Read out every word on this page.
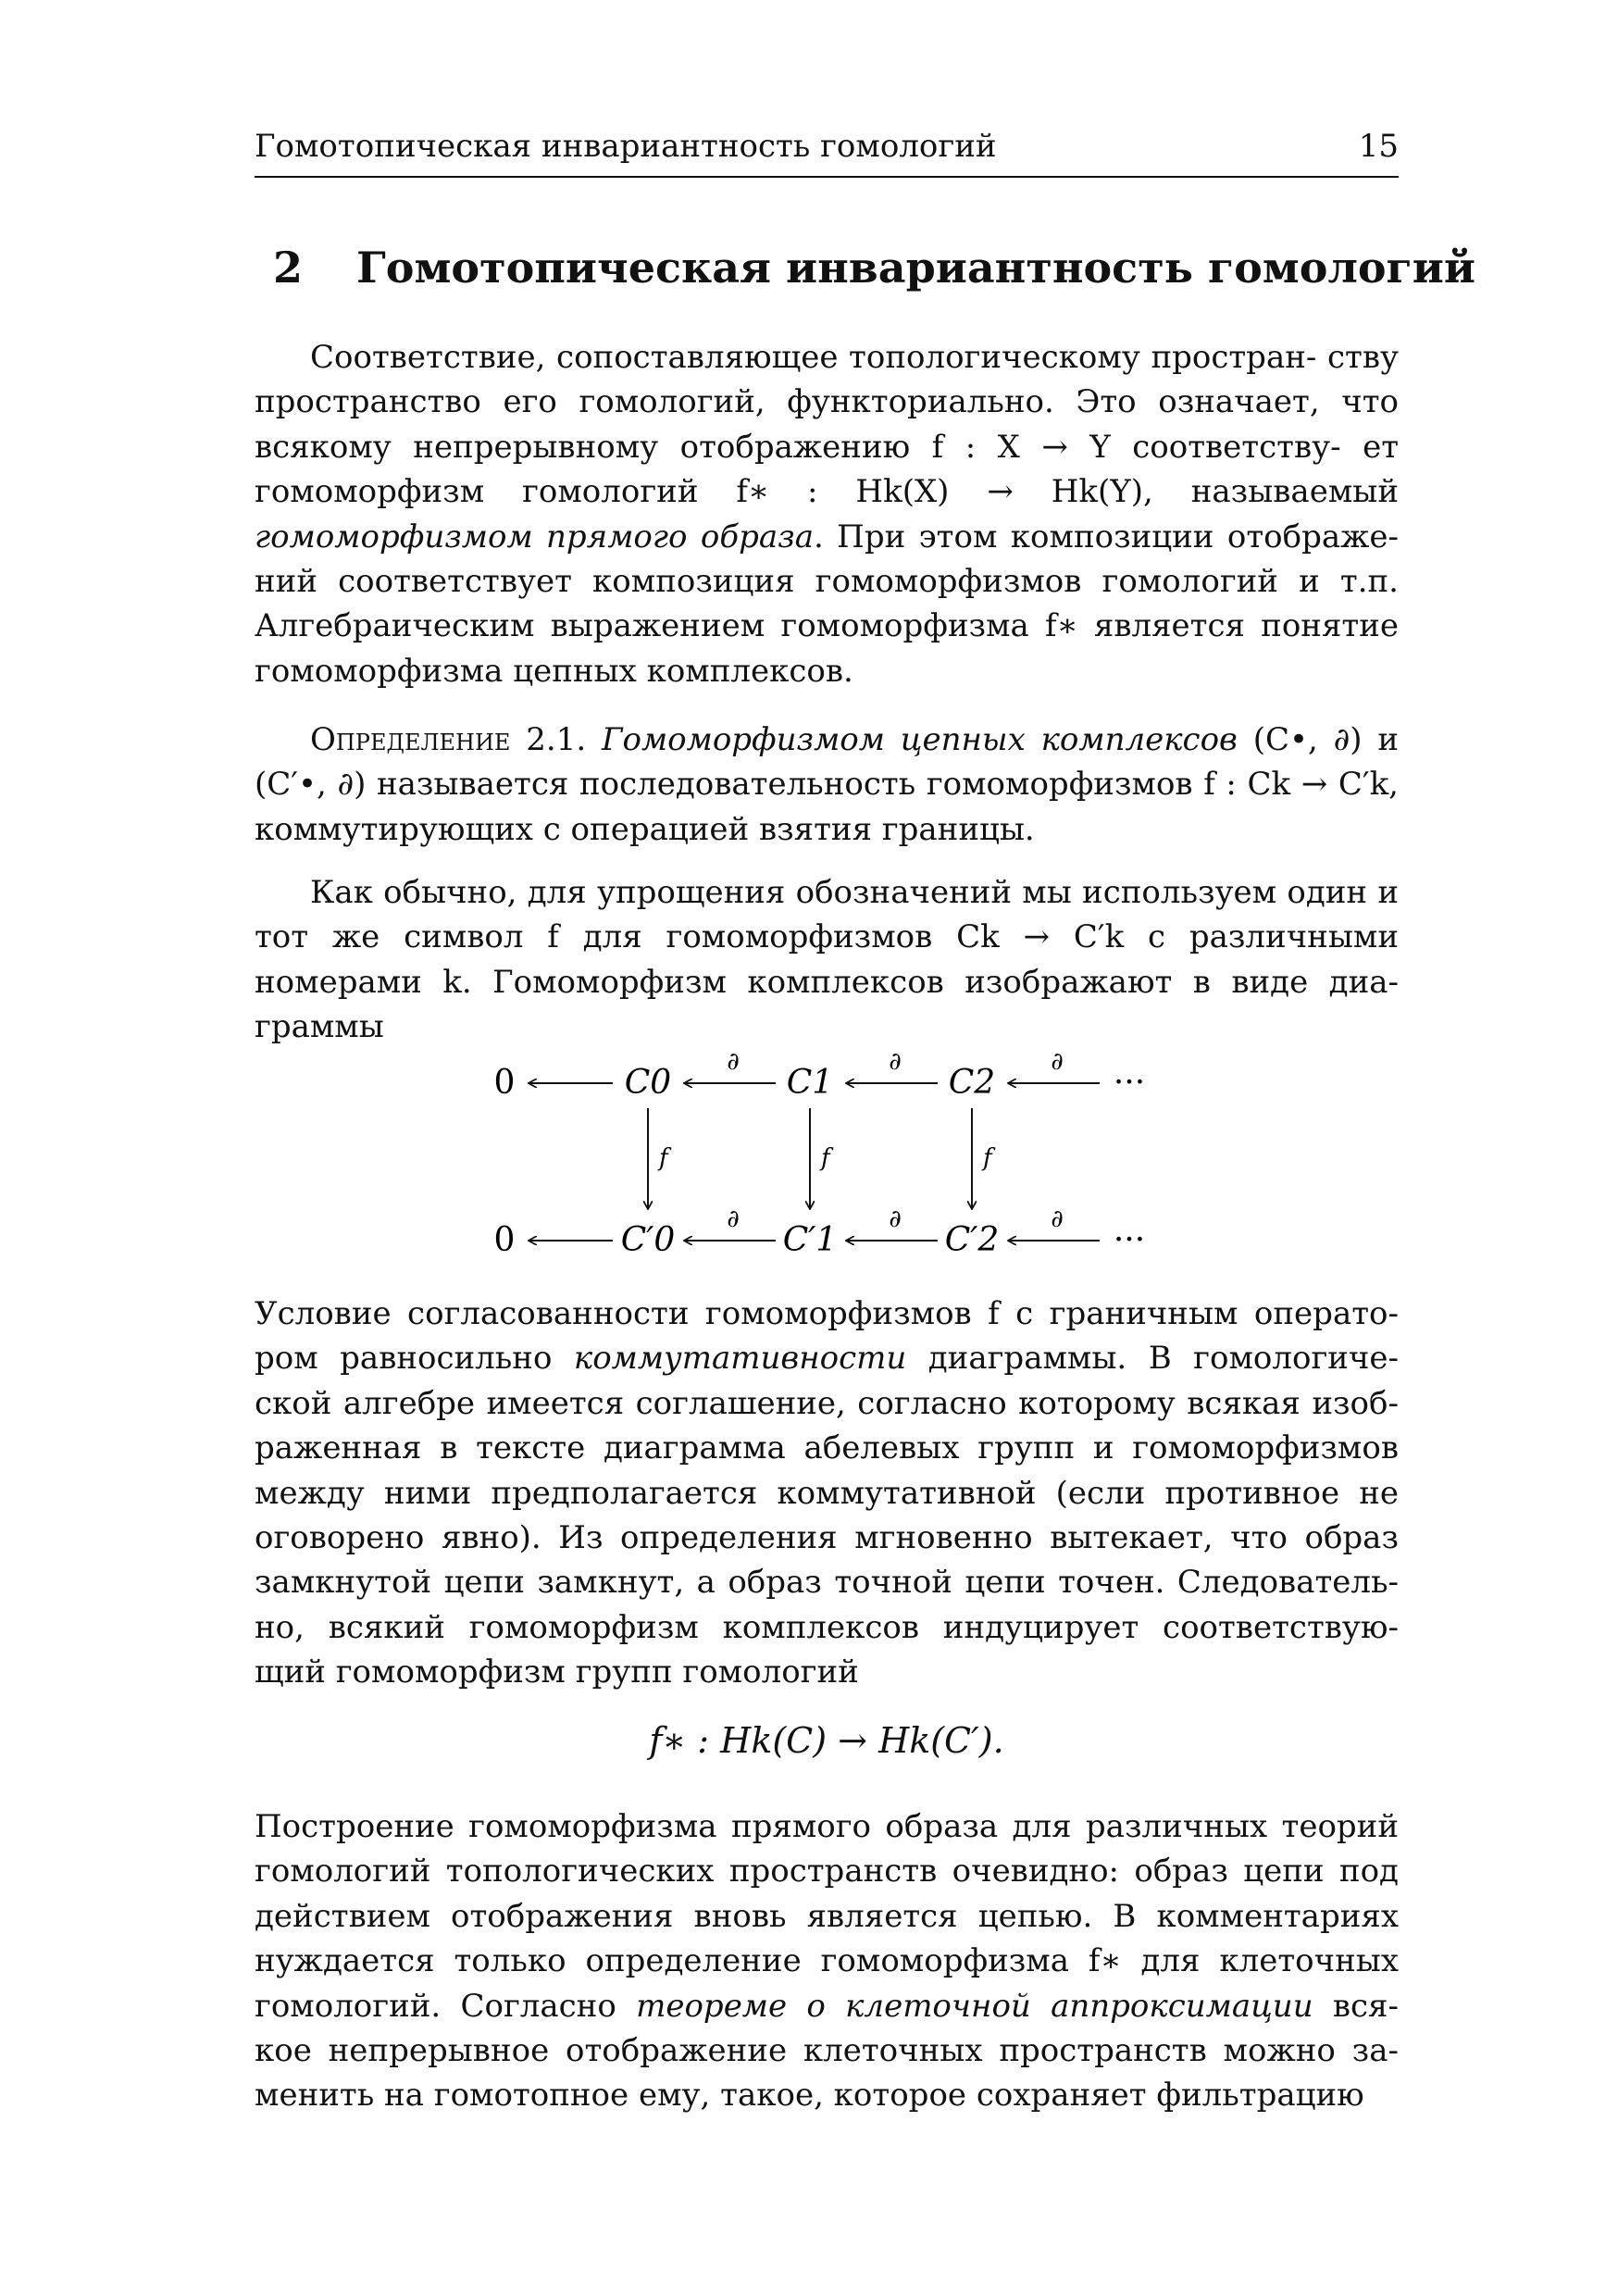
Гомотопическая инвариантность гомологий	15
2 Гомотопическая инвариантность гомологий
Соответствие, сопоставляющее топологическому простран- ству пространство его гомологий, функториально. Это означает, что всякому непрерывному отображению f : X → Y соответству- ет гомоморфизм гомологий f∗ : Hk(X) → Hk(Y), называемый гомоморфизмом прямого образа. При этом композиции отображе- ний соответствует композиция гомоморфизмов гомологий и т.п. Алгебраическим выражением гомоморфизма f∗ является понятие гомоморфизма цепных комплексов.
Определение 2.1. Гомоморфизмом цепных комплексов (C•, ∂) и (C′•, ∂) называется последовательность гомоморфизмов f : Ck → C′k, коммутирующих с операцией взятия границы.
Как обычно, для упрощения обозначений мы используем один и тот же символ f для гомоморфизмов Ck → C′k с различными номерами k. Гомоморфизм комплексов изображают в виде диа- граммы
0	C0	C1	C2	···
0	C′0	C′1	C′2	···
∂	∂	∂
∂	∂	∂
f	f	f
Условие согласованности гомоморфизмов f с граничным операто- ром равносильно коммутативности диаграммы. В гомологиче- ской алгебре имеется соглашение, согласно которому всякая изоб- раженная в тексте диаграмма абелевых групп и гомоморфизмов между ними предполагается коммутативной (если противное не оговорено явно). Из определения мгновенно вытекает, что образ замкнутой цепи замкнут, а образ точной цепи точен. Следователь- но, всякий гомоморфизм комплексов индуцирует соответствую- щий гомоморфизм групп гомологий
f∗ : Hk(C) → Hk(C′).
Построение гомоморфизма прямого образа для различных теорий гомологий топологических пространств очевидно: образ цепи под действием отображения вновь является цепью. В комментариях нуждается только определение гомоморфизма f∗ для клеточных гомологий. Согласно теореме о клеточной аппроксимации вся- кое непрерывное отображение клеточных пространств можно за- менить на гомотопное ему, такое, которое сохраняет фильтрацию
